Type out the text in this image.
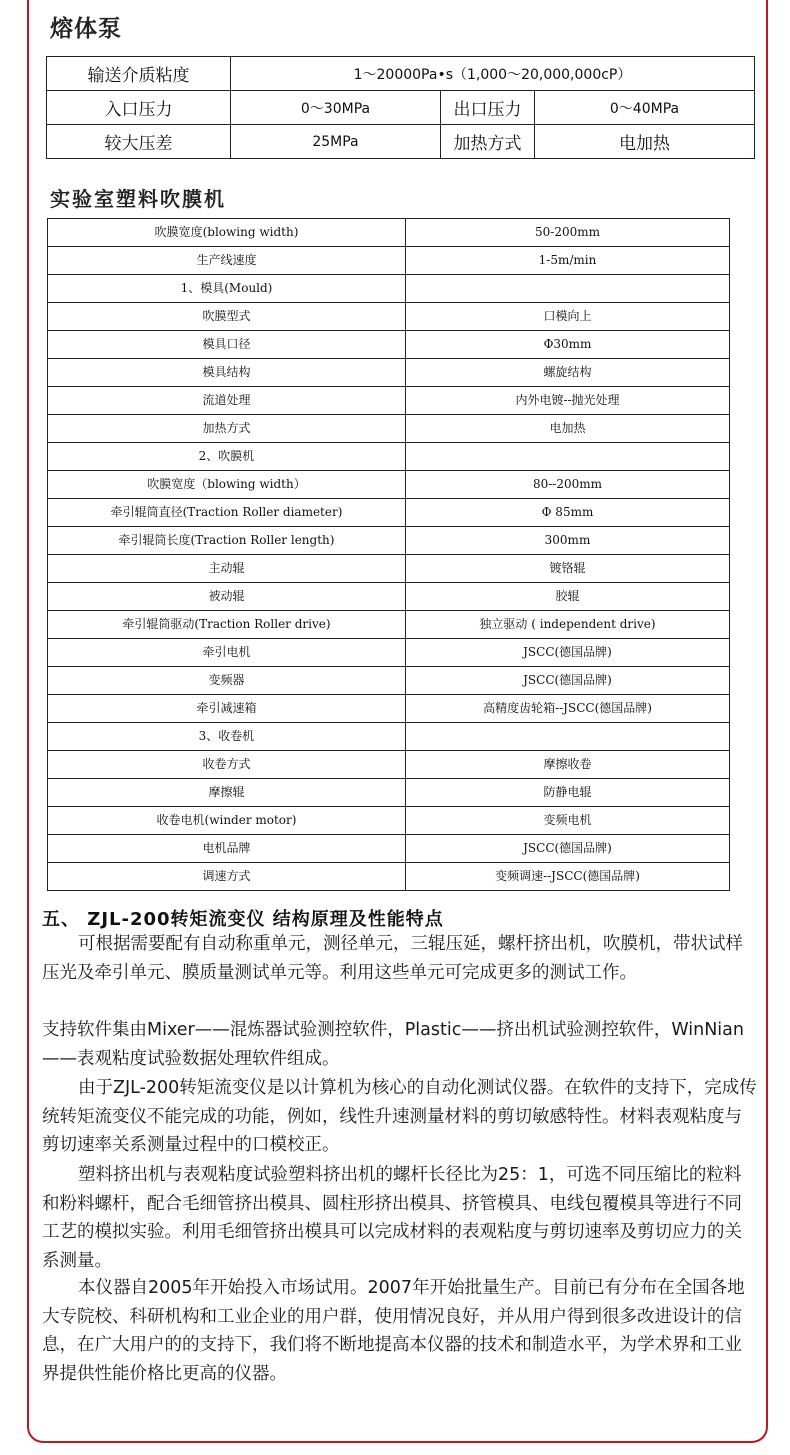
熔体泵
输送介质粘度	1～20000Pa•s（1,000～20,000,000cP）		
入口压力	0～30MPa	出口压力	0～40MPa
较大压差	25MPa	加热方式	电加热
实验室塑料吹膜机
吹膜宽度(blowing width)	50-200mm
生产线速度	1-5m/min
1、模具(Mould)	
吹膜型式	口模向上
模具口径	Φ30mm
模具结构	螺旋结构
流道处理	内外电镀--抛光处理
加热方式	电加热
2、吹膜机	
吹膜宽度（blowing width）	80--200mm
牵引辊筒直径(Traction Roller diameter)	Φ 85mm
牵引辊筒长度(Traction Roller length)	300mm
主动辊	镀铬辊
被动辊	胶辊
牵引辊筒驱动(Traction Roller drive)	独立驱动 ( independent drive)
牵引电机	JSCC(德国品牌)
变频器	JSCC(德国品牌)
牵引减速箱	高精度齿轮箱--JSCC(德国品牌)
3、收卷机	
收卷方式	摩擦收卷
摩擦辊	防静电辊
收卷电机(winder motor)	变频电机
电机品牌	JSCC(德国品牌)
调速方式	变频调速--JSCC(德国品牌)
五、 ZJL-200转矩流变仪 结构原理及性能特点

可根据需要配有自动称重单元，测径单元，三辊压延，螺杆挤出机，吹膜机，带状试样压光及牵引单元、膜质量测试单元等。利用这些单元可完成更多的测试工作。

支持软件集由Mixer——混炼器试验测控软件，Plastic——挤出机试验测控软件，WinNian——表观粘度试验数据处理软件组成。

由于ZJL-200转矩流变仪是以计算机为核心的自动化测试仪器。在软件的支持下，完成传统转矩流变仪不能完成的功能，例如，线性升速测量材料的剪切敏感特性。材料表观粘度与剪切速率关系测量过程中的口模校正。

塑料挤出机与表观粘度试验塑料挤出机的螺杆长径比为25：1，可选不同压缩比的粒料和粉料螺杆，配合毛细管挤出模具、圆柱形挤出模具、挤管模具、电线包覆模具等进行不同工艺的模拟实验。利用毛细管挤出模具可以完成材料的表观粘度与剪切速率及剪切应力的关系测量。

本仪器自2005年开始投入市场试用。2007年开始批量生产。目前已有分布在全国各地大专院校、科研机构和工业企业的用户群，使用情况良好，并从用户得到很多改进设计的信息，在广大用户的的支持下，我们将不断地提高本仪器的技术和制造水平，为学术界和工业界提供性能价格比更高的仪器。
